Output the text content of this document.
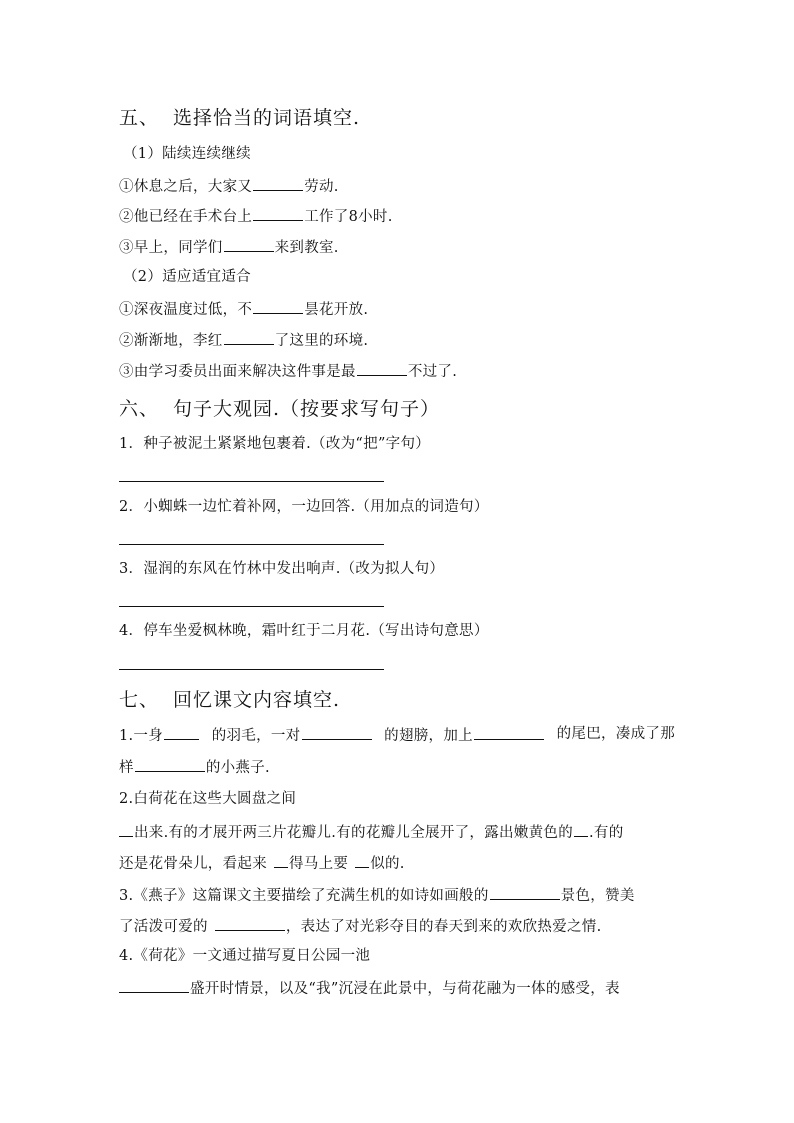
五、 选择恰当的词语填空.
（1）陆续连续继续
①休息之后，大家又	劳动.
②他已经在手术台上	工作了8小时.
③早上，同学们	来到教室.
（2）适应适宜适合
①深夜温度过低，不	昙花开放.
②渐渐地，李红	了这里的环境.
③由学习委员出面来解决这件事是最	不过了.
六、 句子大观园.（按要求写句子）
1．种子被泥土紧紧地包裹着.（改为“把”字句）
2．小蜘蛛一边忙着补网，一边回答.（用加点的词造句）
3．湿润的东风在竹林中发出响声.（改为拟人句）
4．停车坐爱枫林晚，霜叶红于二月花.（写出诗句意思）
七、 回忆课文内容填空.
1.一身	的羽毛，一对	的翅膀，加上	的尾巴，凑成了那
样	的小燕子.
2.白荷花在这些大圆盘之间
出来.有的才展开两三片花瓣儿.有的花瓣儿全展开了，露出嫩黄色的 .有的
还是花骨朵儿，看起来 得马上要 似的.
3.《燕子》这篇课文主要描绘了充满生机的如诗如画般的	景色，赞美
了活泼可爱的	，表达了对光彩夺目的春天到来的欢欣热爱之情.
4.《荷花》一文通过描写夏日公园一池
盛开时情景，以及“我”沉浸在此景中，与荷花融为一体的感受，表
